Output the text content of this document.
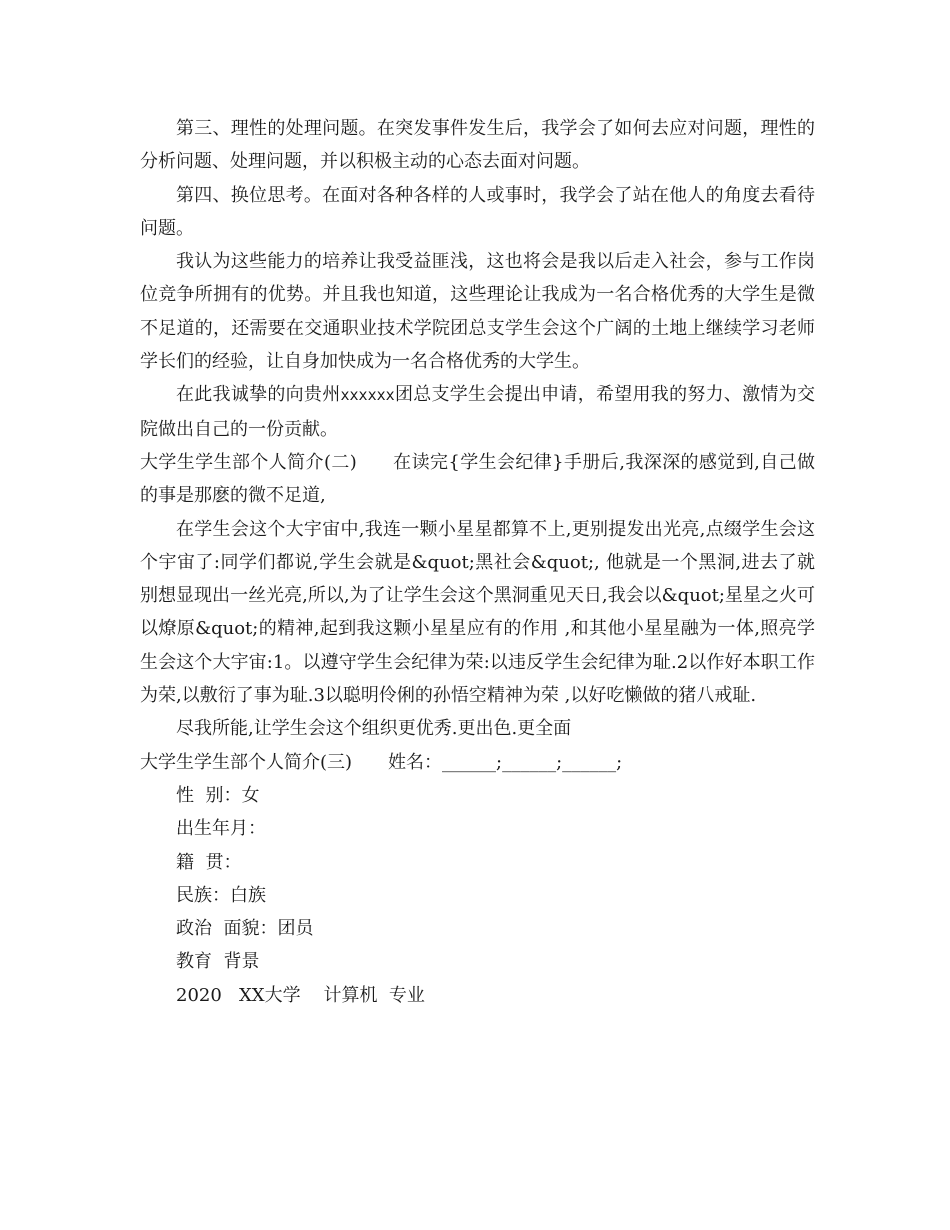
第三、理性的处理问题。在突发事件发生后，我学会了如何去应对问题，理性的分析问题、处理问题，并以积极主动的心态去面对问题。

第四、换位思考。在面对各种各样的人或事时，我学会了站在他人的角度去看待问题。

我认为这些能力的培养让我受益匪浅，这也将会是我以后走入社会，参与工作岗位竞争所拥有的优势。并且我也知道，这些理论让我成为一名合格优秀的大学生是微不足道的，还需要在交通职业技术学院团总支学生会这个广阔的土地上继续学习老师学长们的经验，让自身加快成为一名合格优秀的大学生。

在此我诚挚的向贵州xxxxxx团总支学生会提出申请，希望用我的努力、激情为交院做出自己的一份贡献。

大学生学生部个人简介(二) 在读完{学生会纪律}手册后,我深深的感觉到,自己做的事是那麽的微不足道,

在学生会这个大宇宙中,我连一颗小星星都算不上,更别提发出光亮,点缀学生会这个宇宙了:同学们都说,学生会就是&quot;黑社会&quot;, 他就是一个黑洞,进去了就别想显现出一丝光亮,所以,为了让学生会这个黑洞重见天日,我会以&quot;星星之火可以燎原&quot;的精神,起到我这颗小星星应有的作用 ,和其他小星星融为一体,照亮学生会这个大宇宙:1。以遵守学生会纪律为荣:以违反学生会纪律为耻.2以作好本职工作为荣,以敷衍了事为耻.3以聪明伶俐的孙悟空精神为荣 ,以好吃懒做的猪八戒耻.

尽我所能,让学生会这个组织更优秀.更出色.更全面

大学生学生部个人简介(三) 姓名：______;______;______;

性  别：女

出生年月：

籍  贯：

民族：白族

政治  面貌：团员

教育  背景

2020   XX大学    计算机  专业
